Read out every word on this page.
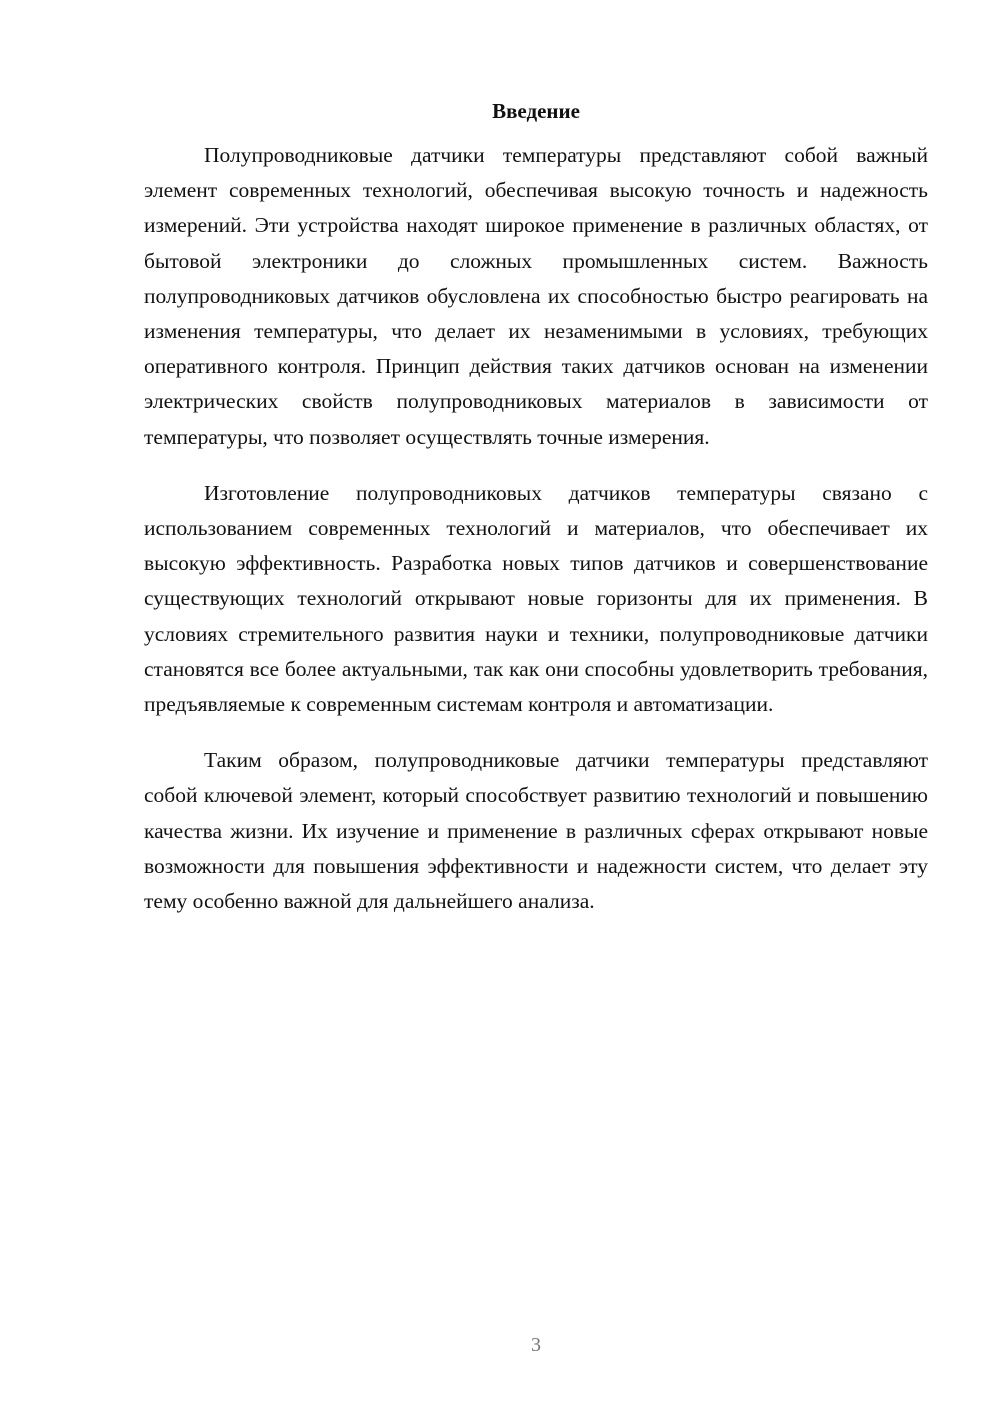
Введение

Полупроводниковые датчики температуры представляют собой важный элемент современных технологий, обеспечивая высокую точность и надежность измерений. Эти устройства находят широкое применение в различных областях, от бытовой электроники до сложных промышленных систем. Важность полупроводниковых датчиков обусловлена их способностью быстро реагировать на изменения температуры, что делает их незаменимыми в условиях, требующих оперативного контроля. Принцип действия таких датчиков основан на изменении электрических свойств полупроводниковых материалов в зависимости от температуры, что позволяет осуществлять точные измерения.

Изготовление полупроводниковых датчиков температуры связано с использованием современных технологий и материалов, что обеспечивает их высокую эффективность. Разработка новых типов датчиков и совершенствование существующих технологий открывают новые горизонты для их применения. В условиях стремительного развития науки и техники, полупроводниковые датчики становятся все более актуальными, так как они способны удовлетворить требования, предъявляемые к современным системам контроля и автоматизации.

Таким образом, полупроводниковые датчики температуры представляют собой ключевой элемент, который способствует развитию технологий и повышению качества жизни. Их изучение и применение в различных сферах открывают новые возможности для повышения эффективности и надежности систем, что делает эту тему особенно важной для дальнейшего анализа.

3
